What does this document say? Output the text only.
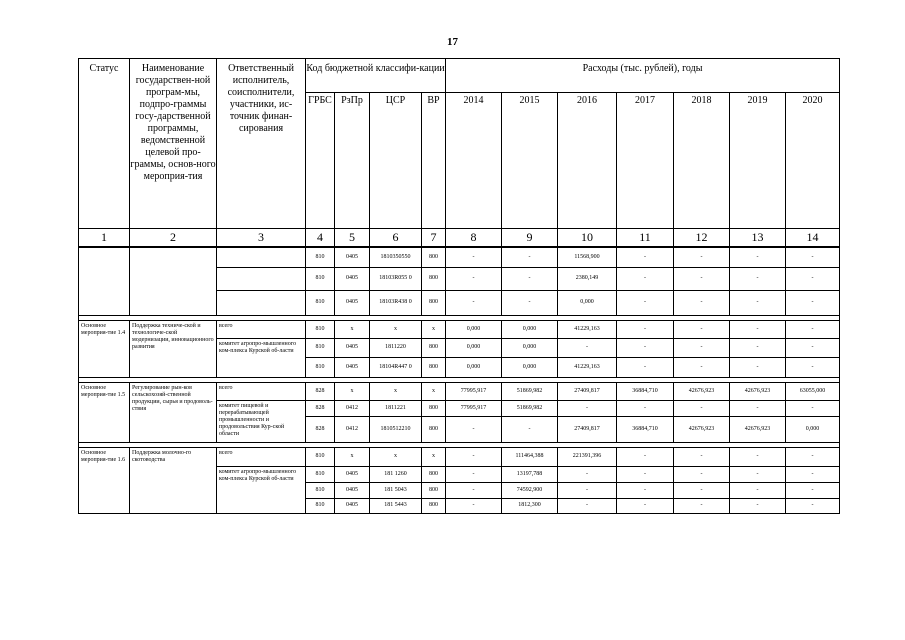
17
Статус	Наименование государствен-ной програм-мы, подпро-граммы госу-дарственной программы, ведомственной целевой про-граммы, основ-ного мероприя-тия	Ответственный исполнитель, соисполнители, участники, ис-точник финан-сирования	Код бюджетной классифи-кации				Расходы (тыс. рублей), годы						
			ГРБС	РзПр	ЦСР	ВР	2014	2015	2016	2017	2018	2019	2020
1	2	3	4	5	6	7	8	9	10	11	12	13	14
			810	0405	1810350550	800	-	-	11568,900	-	-	-	-
			810	0405	18103R055 0	800	-	-	2380,149	-	-	-	-
			810	0405	18103R438 0	800	-	-	0,000	-	-	-	-

Основное мероприя-тие 1.4	Поддержка техниче-ской и технологиче-ской модернизации, инновационного развития	всего	810	x	x	x	0,000	0,000	41229,163	-	-	-	-
		комитет агропро-мышленного ком-плекса Курской об-ласти	810	0405	1811220	800	0,000	0,000	-	-	-	-	-
			810	0405	18104R447 0	800	0,000	0,000	41229,163	-	-	-	-

Основное мероприя-тие 1.5	Регулирование рын-ков сельскохозяй-ственной продукции, сырья и продоволь-ствия	всего	828	x	x	x	77995,917	51869,982	27409,817	36884,710	42676,923	42676,923	63055,000
		комитет пищевой и перерабатывающей промышленности и продовольствия Кур-ской области	828	0412	1811221	800	77995,917	51869,982	-	-	-	-	-
			828	0412	1810512210	800	-	-	27409,817	36884,710	42676,923	42676,923	0,000

Основное мероприя-тие 1.6	Поддержка молочно-го скотоводства	всего	810	x	x	x	-	111464,388	221391,396	-	-	-	-
		комитет агропро-мышленного ком-плекса Курской об-ласти	810	0405	181 1260	800	-	13197,788	-	-	-	-	-
			810	0405	181 5043	800	-	74592,900	-	-	-	-	-
			810	0405	181 5443	800	-	1812,300	-	-	-	-	-
